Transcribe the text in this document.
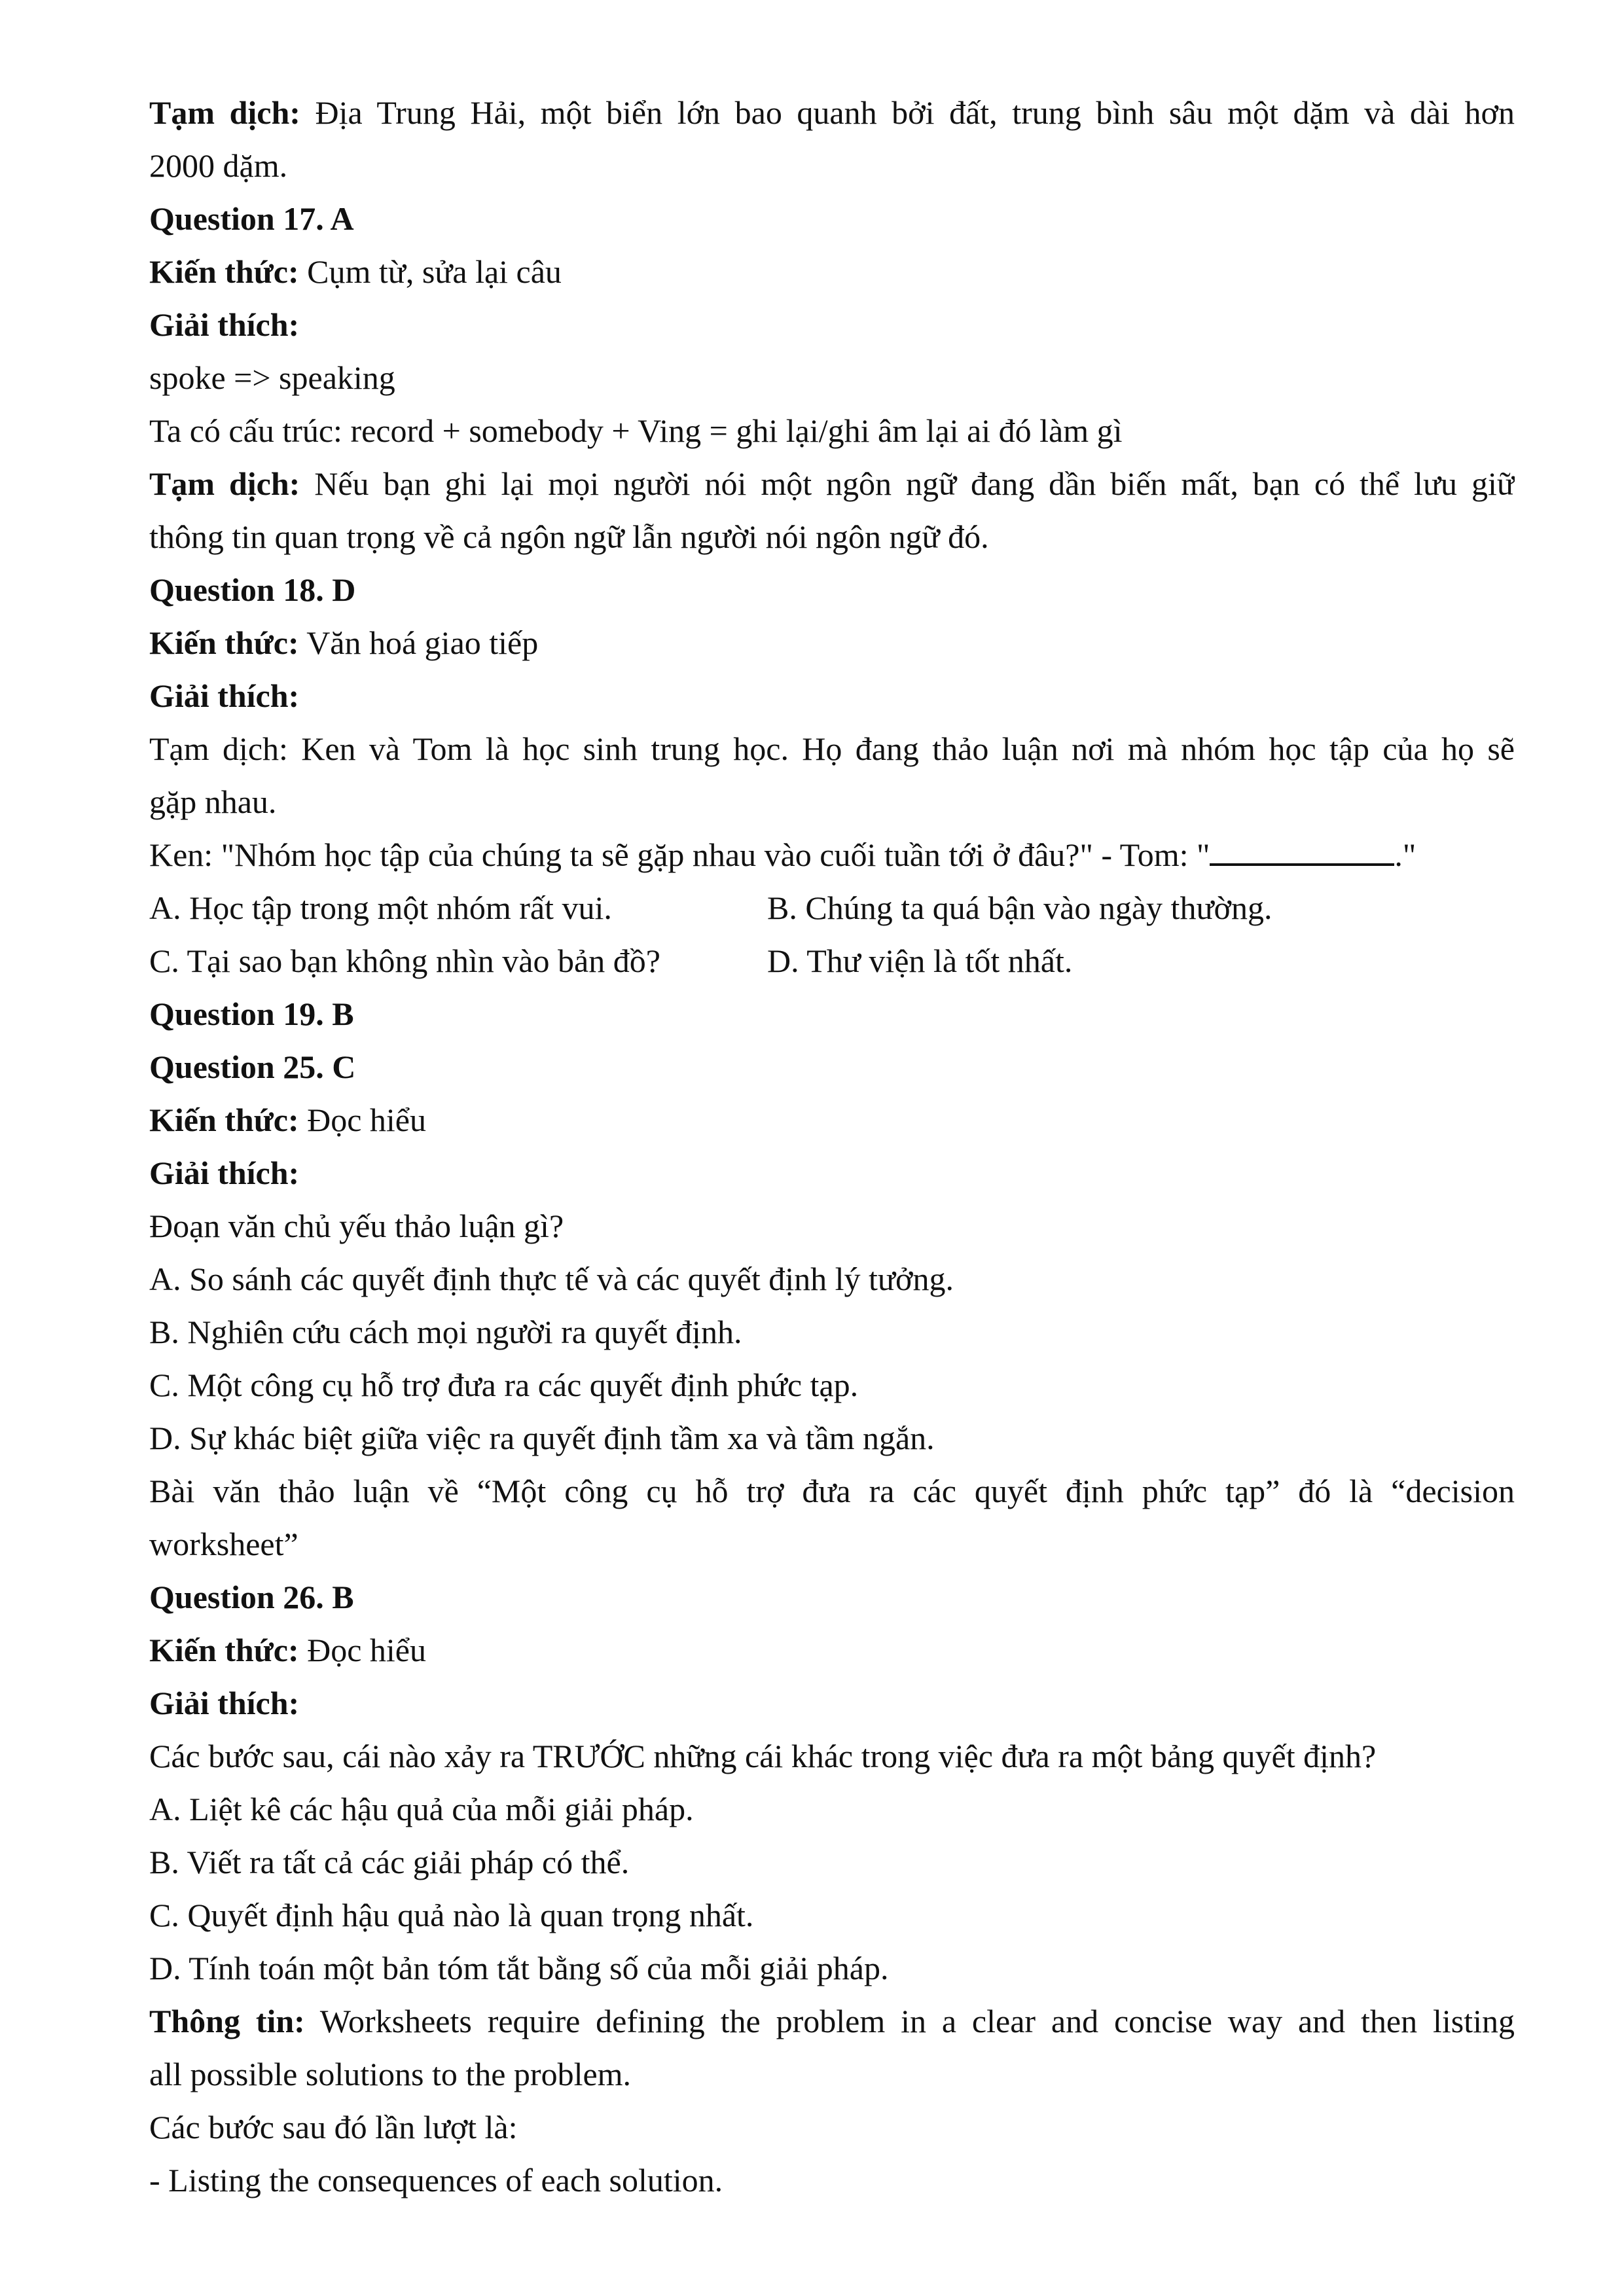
Tạm dịch: Địa Trung Hải, một biển lớn bao quanh bởi đất, trung bình sâu một dặm và dài hơn

2000 dặm.

Question 17. A

Kiến thức: Cụm từ, sửa lại câu

Giải thích:

spoke => speaking

Ta có cấu trúc: record + somebody + Ving = ghi lại/ghi âm lại ai đó làm gì

Tạm dịch: Nếu bạn ghi lại mọi người nói một ngôn ngữ đang dần biến mất, bạn có thể lưu giữ

thông tin quan trọng về cả ngôn ngữ lẫn người nói ngôn ngữ đó.

Question 18. D

Kiến thức: Văn hoá giao tiếp

Giải thích:

Tạm dịch: Ken và Tom là học sinh trung học. Họ đang thảo luận nơi mà nhóm học tập của họ sẽ

gặp nhau.

Ken: "Nhóm học tập của chúng ta sẽ gặp nhau vào cuối tuần tới ở đâu?" - Tom: "	."

A. Học tập trong một nhóm rất vui.	B. Chúng ta quá bận vào ngày thường.
C. Tại sao bạn không nhìn vào bản đồ?	D. Thư viện là tốt nhất.

Question 19. B

Question 25. C

Kiến thức: Đọc hiểu

Giải thích:

Đoạn văn chủ yếu thảo luận gì?

A. So sánh các quyết định thực tế và các quyết định lý tưởng.

B. Nghiên cứu cách mọi người ra quyết định.

C. Một công cụ hỗ trợ đưa ra các quyết định phức tạp.

D. Sự khác biệt giữa việc ra quyết định tầm xa và tầm ngắn.

Bài văn thảo luận về “Một công cụ hỗ trợ đưa ra các quyết định phức tạp” đó là “decision

worksheet”

Question 26. B

Kiến thức: Đọc hiểu

Giải thích:

Các bước sau, cái nào xảy ra TRƯỚC những cái khác trong việc đưa ra một bảng quyết định?

A. Liệt kê các hậu quả của mỗi giải pháp.

B. Viết ra tất cả các giải pháp có thể.

C. Quyết định hậu quả nào là quan trọng nhất.

D. Tính toán một bản tóm tắt bằng số của mỗi giải pháp.

Thông tin: Worksheets require defining the problem in a clear and concise way and then listing

all possible solutions to the problem.

Các bước sau đó lần lượt là:

- Listing the consequences of each solution.
